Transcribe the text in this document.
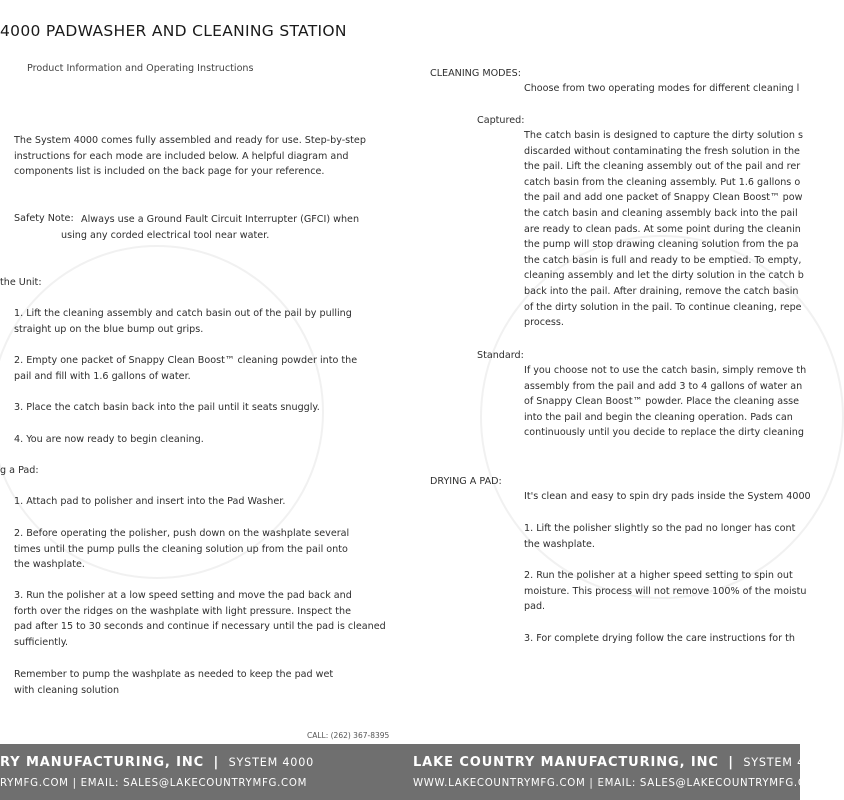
4000 PADWASHER AND CLEANING STATION
Product Information and Operating Instructions
The System 4000 comes fully assembled and ready for use. Step-by-step
instructions for each mode are included below. A helpful diagram and
components list is included on the back page for your reference.
Safety Note: Always use a Ground Fault Circuit Interrupter (GFCI) when
using any corded electrical tool near water.
the Unit:
1. Lift the cleaning assembly and catch basin out of the pail by pulling
straight up on the blue bump out grips.
2. Empty one packet of Snappy Clean Boost™ cleaning powder into the
pail and fill with 1.6 gallons of water.
3. Place the catch basin back into the pail until it seats snuggly.
4. You are now ready to begin cleaning.
g a Pad:
1. Attach pad to polisher and insert into the Pad Washer.
2. Before operating the polisher, push down on the washplate several
times until the pump pulls the cleaning solution up from the pail onto
the washplate.
3. Run the polisher at a low speed setting and move the pad back and
forth over the ridges on the washplate with light pressure. Inspect the
pad after 15 to 30 seconds and continue if necessary until the pad is cleaned
sufficiently.
Remember to pump the washplate as needed to keep the pad wet
with cleaning solution
CALL: (262) 367-8395
CLEANING MODES:
Choose from two operating modes for different cleaning l
Captured:
The catch basin is designed to capture the dirty solution s
discarded without contaminating the fresh solution in the
the pail. Lift the cleaning assembly out of the pail and rer
catch basin from the cleaning assembly. Put 1.6 gallons o
the pail and add one packet of Snappy Clean Boost™ pow
the catch basin and cleaning assembly back into the pail
are ready to clean pads. At some point during the cleanin
the pump will stop drawing cleaning solution from the pa
the catch basin is full and ready to be emptied. To empty,
cleaning assembly and let the dirty solution in the catch b
back into the pail. After draining, remove the catch basin
of the dirty solution in the pail. To continue cleaning, repe
process.
Standard:
If you choose not to use the catch basin, simply remove th
assembly from the pail and add 3 to 4 gallons of water an
of Snappy Clean Boost™ powder. Place the cleaning asse
into the pail and begin the cleaning operation. Pads can
continuously until you decide to replace the dirty cleaning
DRYING A PAD:
It's clean and easy to spin dry pads inside the System 4000
1. Lift the polisher slightly so the pad no longer has cont
the washplate.
2. Run the polisher at a higher speed setting to spin out
moisture. This process will not remove 100% of the moistu
pad.
3. For complete drying follow the care instructions for th
RY MANUFACTURING, INC | SYSTEM 4000
RYMFG.COM | EMAIL: SALES@LAKECOUNTRYMFG.COM
LAKE COUNTRY MANUFACTURING, INC | SYSTEM 4000
WWW.LAKECOUNTRYMFG.COM | EMAIL: SALES@LAKECOUNTRYMFG.COM
